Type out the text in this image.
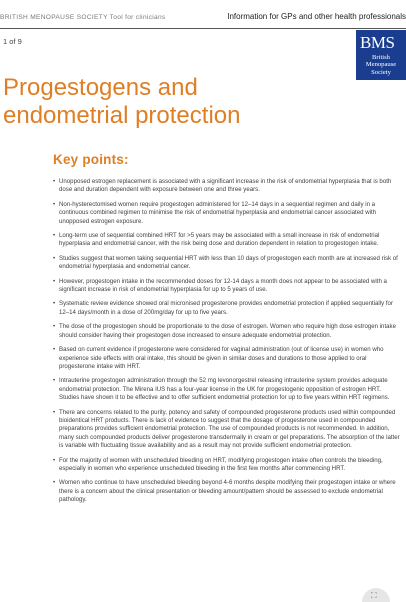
BRITISH MENOPAUSE SOCIETY Tool for clinicians	Information for GPs and other health professionals
1 of 9	BMS
British
Menopause
Society
Progestogens and
endometrial protection
Key points:
• Unopposed estrogen replacement is associated with a significant increase in the risk of endometrial hyperplasia that is both dose and duration dependent with exposure between one and three years.
• Non-hysterectomised women require progestogen administered for 12–14 days in a sequential regimen and daily in a continuous combined regimen to minimise the risk of endometrial hyperplasia and endometrial cancer associated with unopposed estrogen exposure.
• Long-term use of sequential combined HRT for >5 years may be associated with a small increase in risk of endometrial hyperplasia and endometrial cancer, with the risk being dose and duration dependent in relation to progestogen intake.
• Studies suggest that women taking sequential HRT with less than 10 days of progestogen each month are at increased risk of endometrial hyperplasia and endometrial cancer.
• However, progestogen intake in the recommended doses for 12-14 days a month does not appear to be associated with a significant increase in risk of endometrial hyperplasia for up to 5 years of use.
• Systematic review evidence showed oral micronised progesterone provides endometrial protection if applied sequentially for 12–14 days/month in a dose of 200mg/day for up to five years.
• The dose of the progestogen should be proportionate to the dose of estrogen. Women who require high dose estrogen intake should consider having their progestogen dose increased to ensure adequate endometrial protection.
• Based on current evidence if progesterone were considered for vaginal administration (out of license use) in women who experience side effects with oral intake, this should be given in similar doses and durations to those applied to oral progesterone intake with HRT.
• Intrauterine progestogen administration through the 52 mg levonorgestrel releasing intrauterine system provides adequate endometrial protection. The Mirena IUS has a four-year license in the UK for progestogenic opposition of estrogen HRT. Studies have shown it to be effective and to offer sufficient endometrial protection for up to five years within HRT regimens.
• There are concerns related to the purity, potency and safety of compounded progesterone products used within compounded bioidentical HRT products. There is lack of evidence to suggest that the dosage of progesterone used in compounded preparations provides sufficient endometrial protection. The use of compounded products is not recommended. In addition, many such compounded products deliver progesterone transdermally in cream or gel preparations. The absorption of the latter is variable with fluctuating tissue availability and as a result may not provide sufficient endometrial protection.
• For the majority of women with unscheduled bleeding on HRT, modifying progestogen intake often controls the bleeding, especially in women who experience unscheduled bleeding in the first few months after commencing HRT.
• Women who continue to have unscheduled bleeding beyond 4-6 months despite modifying their progestogen intake or where there is a concern about the clinical presentation or bleeding amount/pattern should be assessed to exclude endometrial pathology.
⛶
